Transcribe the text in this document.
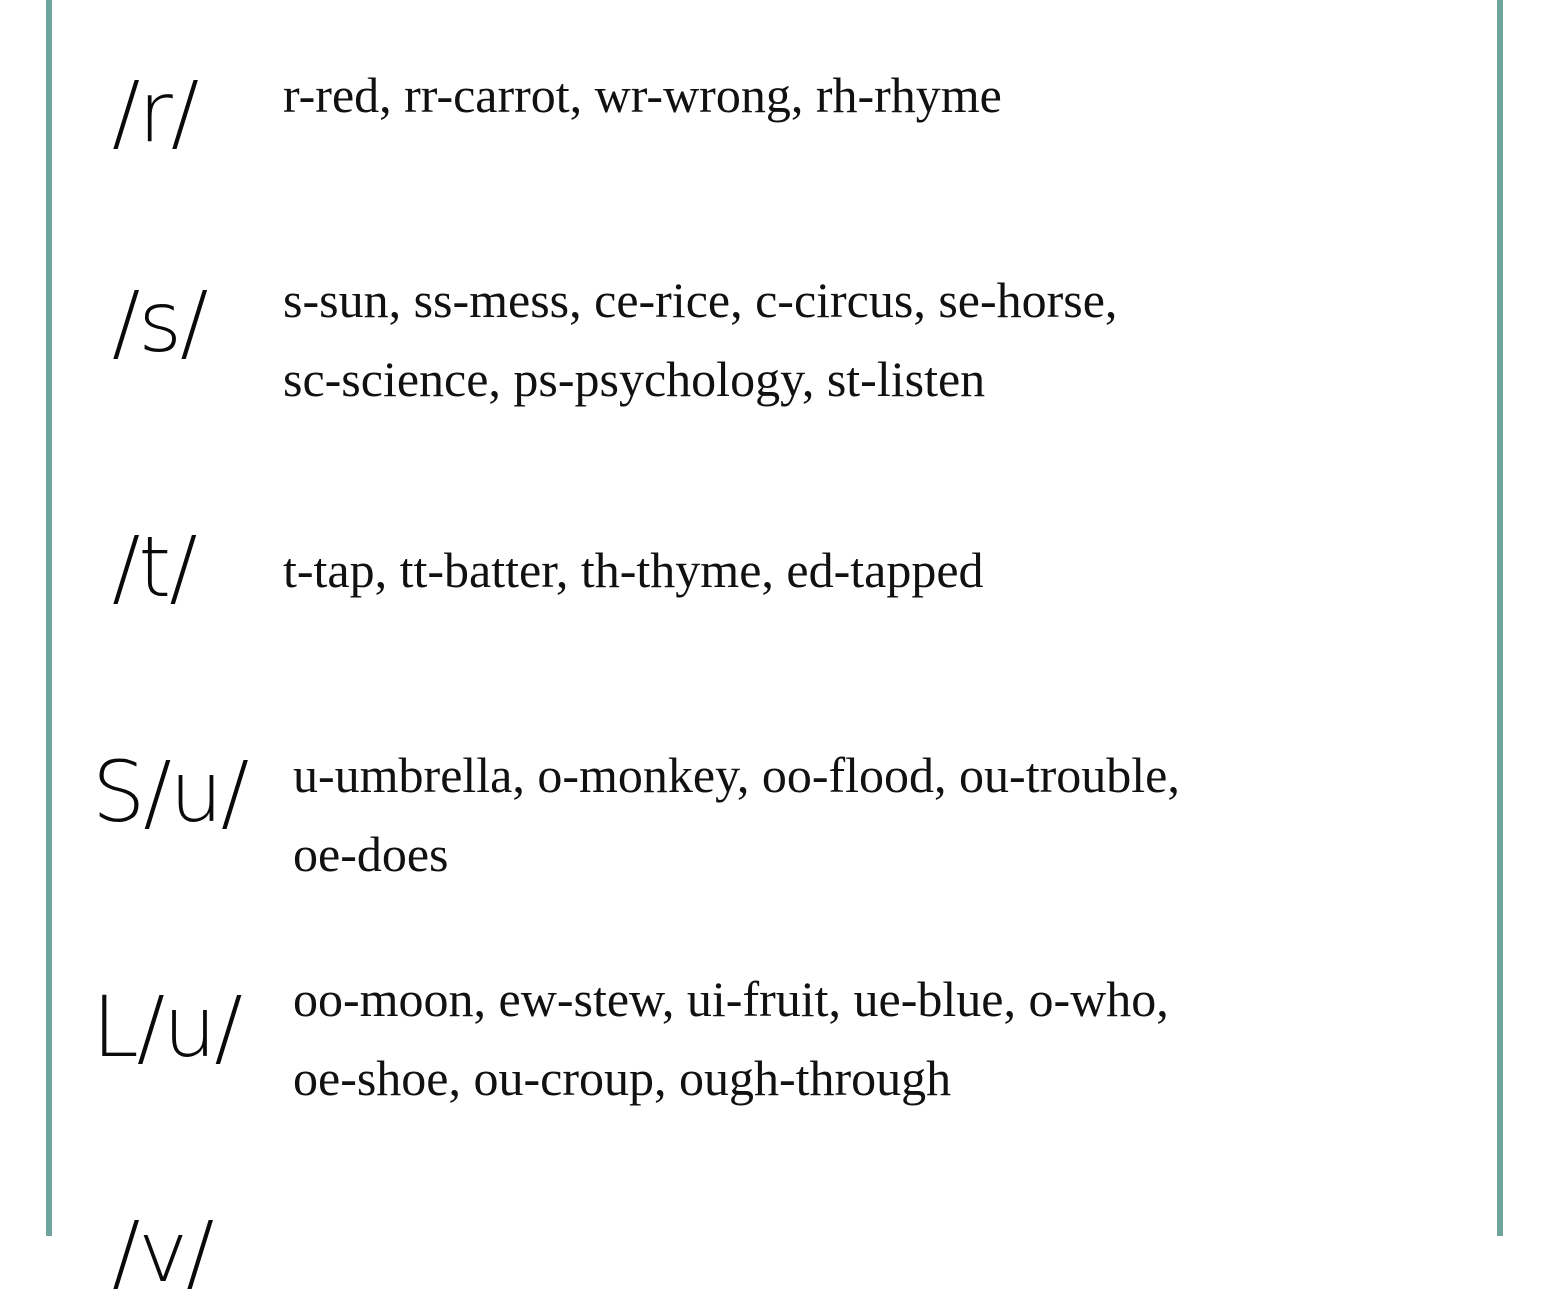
/r/ r-red, rr-carrot, wr-wrong, rh-rhyme
/s/ s-sun, ss-mess, ce-rice, c-circus, se-horse,
sc-science, ps-psychology, st-listen
/t/ t-tap, tt-batter, th-thyme, ed-tapped
S/u/ u-umbrella, o-monkey, oo-flood, ou-trouble,
oe-does
L/u/ oo-moon, ew-stew, ui-fruit, ue-blue, o-who,
oe-shoe, ou-croup, ough-through
/v/
